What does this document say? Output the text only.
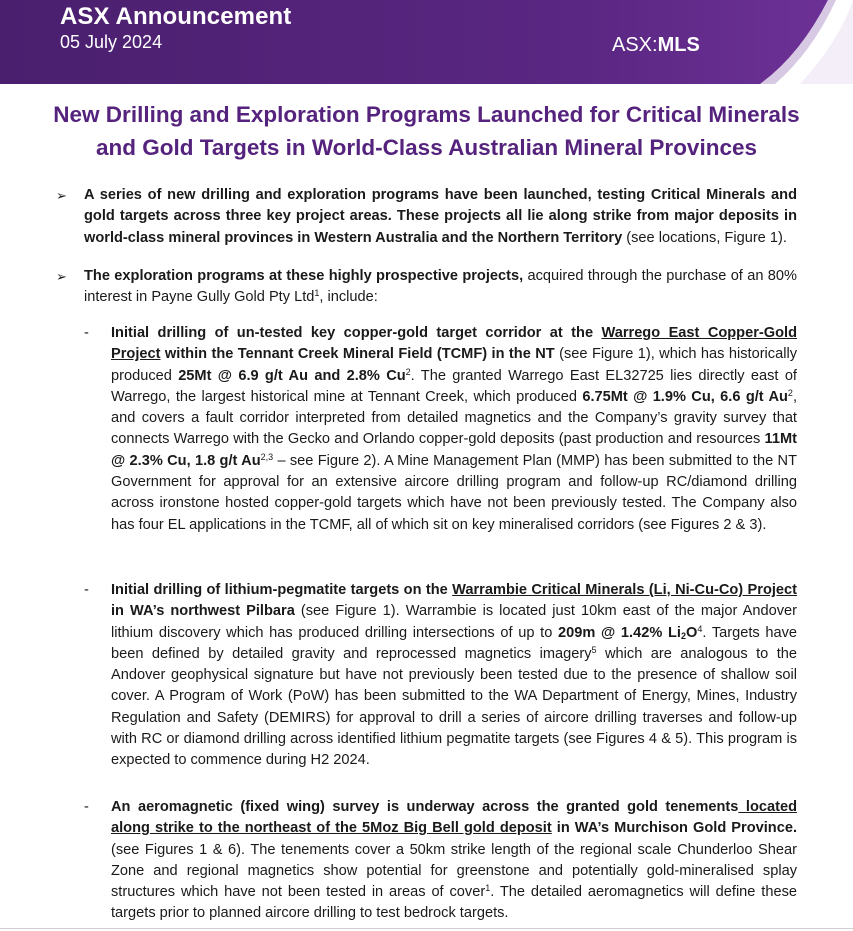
ASX Announcement
05 July 2024	ASX:MLS
New Drilling and Exploration Programs Launched for Critical Minerals
and Gold Targets in World-Class Australian Mineral Provinces
➢ A series of new drilling and exploration programs have been launched, testing Critical Minerals and gold targets across three key project areas. These projects all lie along strike from major deposits in world-class mineral provinces in Western Australia and the Northern Territory (see locations, Figure 1).
➢ The exploration programs at these highly prospective projects, acquired through the purchase of an 80% interest in Payne Gully Gold Pty Ltd$^1$, include:
- Initial drilling of un-tested key copper-gold target corridor at the Warrego East Copper-Gold Project within the Tennant Creek Mineral Field (TCMF) in the NT (see Figure 1), which has historically produced 25Mt @ 6.9 g/t Au and 2.8% Cu$^2$. The granted Warrego East EL32725 lies directly east of Warrego, the largest historical mine at Tennant Creek, which produced 6.75Mt @ 1.9% Cu, 6.6 g/t Au$^2$, and covers a fault corridor interpreted from detailed magnetics and the Company’s gravity survey that connects Warrego with the Gecko and Orlando copper-gold deposits (past production and resources 11Mt @ 2.3% Cu, 1.8 g/t Au$^{2,3}$ – see Figure 2). A Mine Management Plan (MMP) has been submitted to the NT Government for approval for an extensive aircore drilling program and follow-up RC/diamond drilling across ironstone hosted copper-gold targets which have not been previously tested. The Company also has four EL applications in the TCMF, all of which sit on key mineralised corridors (see Figures 2 & 3).
- Initial drilling of lithium-pegmatite targets on the Warrambie Critical Minerals (Li, Ni-Cu-Co) Project in WA’s northwest Pilbara (see Figure 1). Warrambie is located just 10km east of the major Andover lithium discovery which has produced drilling intersections of up to 209m @ 1.42% $Li_2O^4$. Targets have been defined by detailed gravity and reprocessed magnetics imagery$^5$ which are analogous to the Andover geophysical signature but have not previously been tested due to the presence of shallow soil cover. A Program of Work (PoW) has been submitted to the WA Department of Energy, Mines, Industry Regulation and Safety (DEMIRS) for approval to drill a series of aircore drilling traverses and follow-up with RC or diamond drilling across identified lithium pegmatite targets (see Figures 4 & 5). This program is expected to commence during H2 2024.
- An aeromagnetic (fixed wing) survey is underway across the granted gold tenements located along strike to the northeast of the 5Moz Big Bell gold deposit in WA’s Murchison Gold Province. (see Figures 1 & 6). The tenements cover a 50km strike length of the regional scale Chunderloo Shear Zone and regional magnetics show potential for greenstone and potentially gold-mineralised splay structures which have not been tested in areas of cover$^1$. The detailed aeromagnetics will define these targets prior to planned aircore drilling to test bedrock targets.
